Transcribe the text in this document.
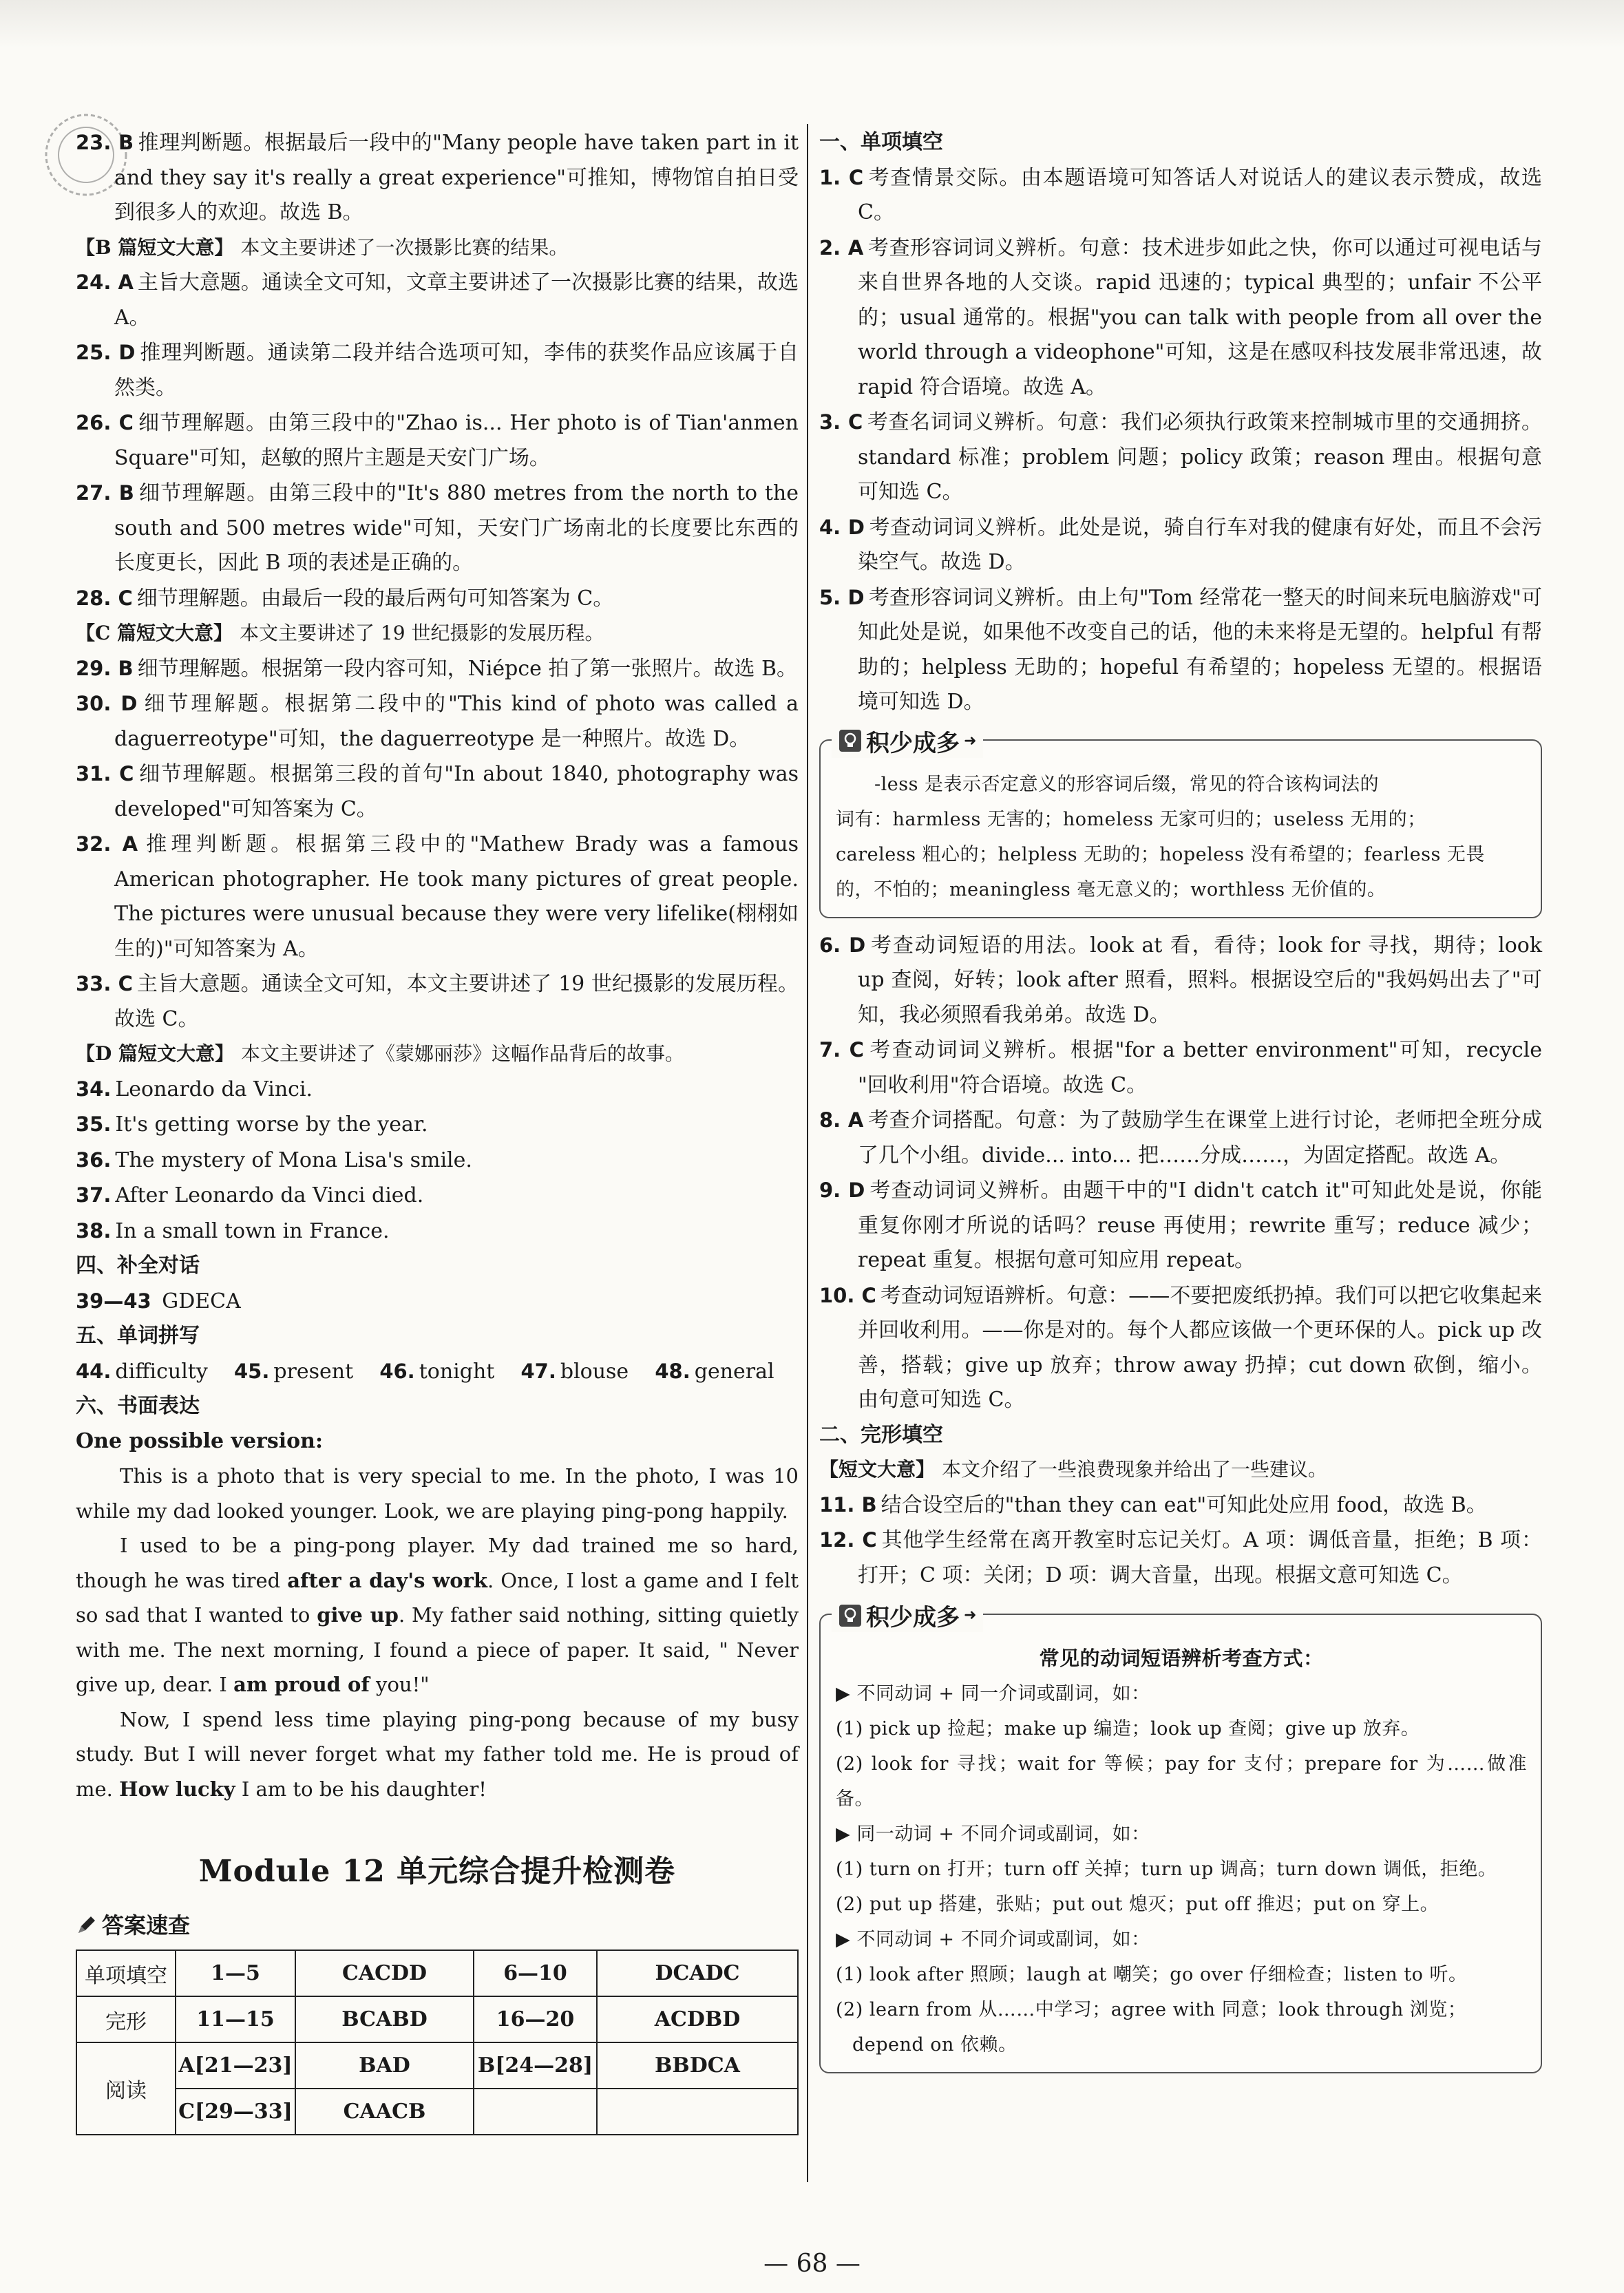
23. B 推理判断题。根据最后一段中的"Many people have taken part in it and they say it's really a great experience"可推知，博物馆自拍日受到很多人的欢迎。故选 B。

【B 篇短文大意】 本文主要讲述了一次摄影比赛的结果。

24. A 主旨大意题。通读全文可知，文章主要讲述了一次摄影比赛的结果，故选 A。

25. D 推理判断题。通读第二段并结合选项可知，李伟的获奖作品应该属于自然类。

26. C 细节理解题。由第三段中的"Zhao is... Her photo is of Tian'anmen Square"可知，赵敏的照片主题是天安门广场。

27. B 细节理解题。由第三段中的"It's 880 metres from the north to the south and 500 metres wide"可知，天安门广场南北的长度要比东西的长度更长，因此 B 项的表述是正确的。

28. C 细节理解题。由最后一段的最后两句可知答案为 C。

【C 篇短文大意】 本文主要讲述了 19 世纪摄影的发展历程。

29. B 细节理解题。根据第一段内容可知，Niépce 拍了第一张照片。故选 B。

30. D 细节理解题。根据第二段中的"This kind of photo was called a daguerreotype"可知，the daguerreotype 是一种照片。故选 D。

31. C 细节理解题。根据第三段的首句"In about 1840, photography was developed"可知答案为 C。

32. A 推理判断题。根据第三段中的"Mathew Brady was a famous American photographer. He took many pictures of great people. The pictures were unusual because they were very lifelike(栩栩如生的)"可知答案为 A。

33. C 主旨大意题。通读全文可知，本文主要讲述了 19 世纪摄影的发展历程。故选 C。

【D 篇短文大意】 本文主要讲述了《蒙娜丽莎》这幅作品背后的故事。

34. Leonardo da Vinci.

35. It's getting worse by the year.

36. The mystery of Mona Lisa's smile.

37. After Leonardo da Vinci died.

38. In a small town in France.

四、补全对话

39—43 GDECA

五、单词拼写

44. difficulty 45. present 46. tonight 47. blouse 48. general

六、书面表达

One possible version:

This is a photo that is very special to me. In the photo, I was 10 while my dad looked younger. Look, we are playing ping-pong happily.

I used to be a ping-pong player. My dad trained me so hard, though he was tired after a day's work. Once, I lost a game and I felt so sad that I wanted to give up. My father said nothing, sitting quietly with me. The next morning, I found a piece of paper. It said, " Never give up, dear. I am proud of you!"

Now, I spend less time playing ping-pong because of my busy study. But I will never forget what my father told me. He is proud of me. How lucky I am to be his daughter!

Module 12 单元综合提升检测卷
答案速查
单项填空	1—5	CACDD	6—10	DCADC
完形	11—15	BCABD	16—20	ACDBD
阅读	A[21—23]	BAD	B[24—28]	BBDCA
	C[29—33]	CAACB		

一、单项填空

1. C 考查情景交际。由本题语境可知答话人对说话人的建议表示赞成，故选 C。

2. A 考查形容词词义辨析。句意：技术进步如此之快，你可以通过可视电话与来自世界各地的人交谈。rapid 迅速的；typical 典型的；unfair 不公平的；usual 通常的。根据"you can talk with people from all over the world through a videophone"可知，这是在感叹科技发展非常迅速，故 rapid 符合语境。故选 A。

3. C 考查名词词义辨析。句意：我们必须执行政策来控制城市里的交通拥挤。standard 标准；problem 问题；policy 政策；reason 理由。根据句意可知选 C。

4. D 考查动词词义辨析。此处是说，骑自行车对我的健康有好处，而且不会污染空气。故选 D。

5. D 考查形容词词义辨析。由上句"Tom 经常花一整天的时间来玩电脑游戏"可知此处是说，如果他不改变自己的话，他的未来将是无望的。helpful 有帮助的；helpless 无助的；hopeful 有希望的；hopeless 无望的。根据语境可知选 D。

积少成多 ➜

-less 是表示否定意义的形容词后缀，常见的符合该构词法的

词有：harmless 无害的；homeless 无家可归的；useless 无用的；

careless 粗心的；helpless 无助的；hopeless 没有希望的；fearless 无畏

的，不怕的；meaningless 毫无意义的；worthless 无价值的。

6. D 考查动词短语的用法。look at 看，看待；look for 寻找，期待；look up 查阅，好转；look after 照看，照料。根据设空后的"我妈妈出去了"可知，我必须照看我弟弟。故选 D。

7. C 考查动词词义辨析。根据"for a better environment"可知，recycle "回收利用"符合语境。故选 C。

8. A 考查介词搭配。句意：为了鼓励学生在课堂上进行讨论，老师把全班分成了几个小组。divide... into... 把……分成……，为固定搭配。故选 A。

9. D 考查动词词义辨析。由题干中的"I didn't catch it"可知此处是说，你能重复你刚才所说的话吗？reuse 再使用；rewrite 重写；reduce 减少；repeat 重复。根据句意可知应用 repeat。

10. C 考查动词短语辨析。句意：——不要把废纸扔掉。我们可以把它收集起来并回收利用。——你是对的。每个人都应该做一个更环保的人。pick up 改善，搭载；give up 放弃；throw away 扔掉；cut down 砍倒，缩小。由句意可知选 C。

二、完形填空

【短文大意】 本文介绍了一些浪费现象并给出了一些建议。

11. B 结合设空后的"than they can eat"可知此处应用 food，故选 B。

12. C 其他学生经常在离开教室时忘记关灯。A 项：调低音量，拒绝；B 项：打开；C 项：关闭；D 项：调大音量，出现。根据文意可知选 C。

积少成多 ➜

常见的动词短语辨析考查方式：

▶ 不同动词 + 同一介词或副词，如：

(1) pick up 捡起；make up 编造；look up 查阅；give up 放弃。

(2) look for 寻找；wait for 等候；pay for 支付；prepare for 为……做准备。

▶ 同一动词 + 不同介词或副词，如：

(1) turn on 打开；turn off 关掉；turn up 调高；turn down 调低，拒绝。

(2) put up 搭建，张贴；put out 熄灭；put off 推迟；put on 穿上。

▶ 不同动词 + 不同介词或副词，如：

(1) look after 照顾；laugh at 嘲笑；go over 仔细检查；listen to 听。

(2) learn from 从……中学习；agree with 同意；look through 浏览；

depend on 依赖。

— 68 —
